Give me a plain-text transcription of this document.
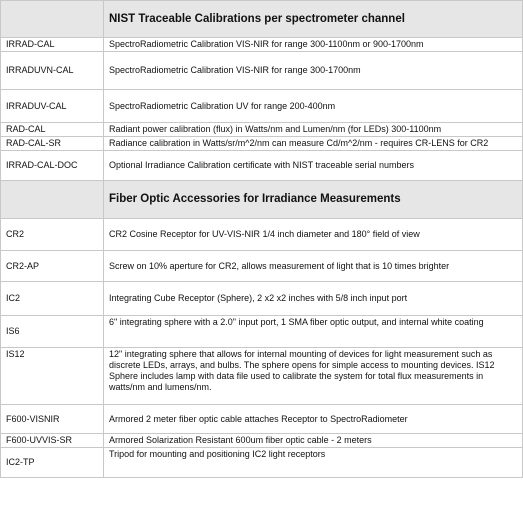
	NIST Traceable Calibrations per spectrometer channel
IRRAD-CAL	SpectroRadiometric Calibration VIS-NIR for range 300-1100nm or 900-1700nm
IRRADUVN-CAL	SpectroRadiometric Calibration VIS-NIR for range 300-1700nm
IRRADUV-CAL	SpectroRadiometric Calibration UV for range 200-400nm
RAD-CAL	Radiant power calibration (flux) in Watts/nm and Lumen/nm (for LEDs) 300-1100nm
RAD-CAL-SR	Radiance calibration in Watts/sr/m^2/nm can measure Cd/m^2/nm - requires CR-LENS for CR2
IRRAD-CAL-DOC	Optional Irradiance Calibration certificate with NIST traceable serial numbers
	Fiber Optic Accessories for Irradiance Measurements
CR2	CR2 Cosine Receptor for UV-VIS-NIR 1/4 inch diameter and 180° field of view
CR2-AP	Screw on 10% aperture for CR2, allows measurement of light that is 10 times brighter
IC2	Integrating Cube Receptor (Sphere), 2 x2 x2 inches with 5/8 inch input port
IS6	6" integrating sphere with a 2.0" input port, 1 SMA fiber optic output, and internal white coating
IS12	12" integrating sphere that allows for internal mounting of devices for light measurement such as discrete LEDs, arrays, and bulbs. The sphere opens for simple access to mounting devices. IS12 Sphere includes lamp with data file used to calibrate the system for total flux measurements in watts/nm and lumens/nm.
F600-VISNIR	Armored 2 meter fiber optic cable attaches Receptor to SpectroRadiometer
F600-UVVIS-SR	Armored Solarization Resistant 600um fiber optic cable - 2 meters
IC2-TP	Tripod for mounting and positioning IC2 light receptors
